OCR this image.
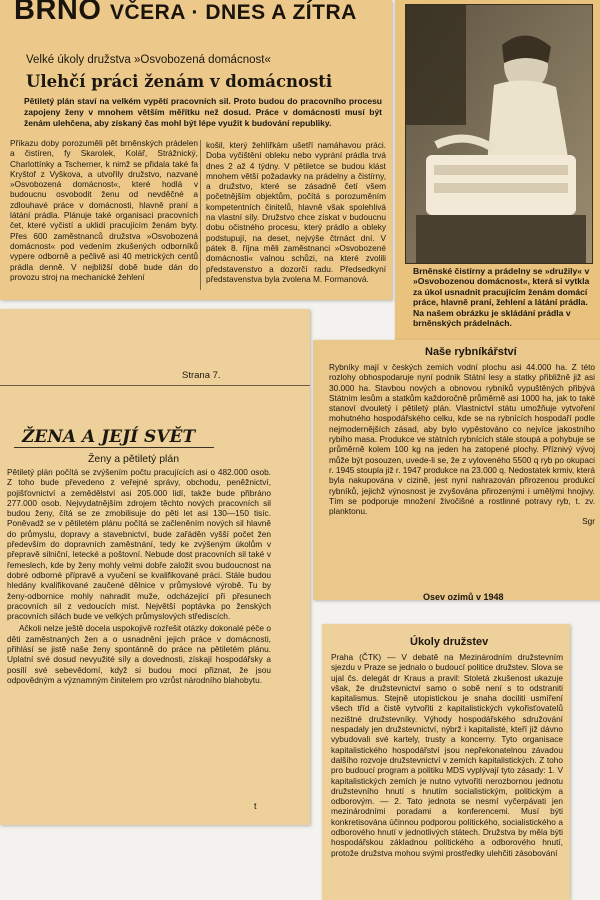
BRNO VČERA · DNES A ZÍTRA
Velké úkoly družstva »Osvobozená domácnost«
Ulehčí práci ženám v domácnosti

Pětiletý plán staví na velkém vypětí pracovních sil. Proto budou do pracovního procesu zapojeny ženy v mnohem větším měřítku než dosud. Práce v domácnosti musí být ženám ulehčena, aby získaný čas mohl být lépe využit k budování republiky.

Příkazu doby porozuměli pět brněnských prádelen a čistíren, fy Skarolek, Kolář, Strážnický, Charlottínky a Tscherner, k nimž se přidala také fa Kryštof z Vyškova, a utvořily družstvo, nazvané »Osvobozená domácnost«, které hodlá v budoucnu osvobodit ženu od nevděčné a zdlouhavé práce v domácnosti, hlavně praní a látání prádla. Plánuje také organisaci pracovních čet, které vyčistí a uklidí pracujícím ženám byty. Přes 600 zaměstnanců družstva »Osvobozená domácnost« pod vedením zkušených odborníků vypere odborně a pečlivě asi 40 metrických centů prádla denně. V nejbližší době bude dán do provozu stroj na mechanické žehlení

košil, který žehlířkám ušetří namáhavou práci. Doba vyčištění obleku nebo vyprání prádla trvá dnes 2 až 4 týdny. V pětiletce se budou klást mnohem větší požadavky na prádelny a čistírny, a družstvo, které se zásadně četí všem početnějším objektům, počítá s porozuměním kompetentních činitelů, hlavně však spolehlivá na vlastní síly. Družstvo chce získat v budoucnu dobu očistného procesu, který prádlo a obleky podstupují, na deset, nejvýše čtrnáct dní. V pátek 8. října měli zaměstnanci »Osvobozené domácnosti« valnou schůzi, na které zvolili představenstvo a dozorčí radu. Předsedkyní představenstva byla zvolena M. Formanová.

Brněnské čistírny a prádelny se »družily« v »Osvobozenou domácnost«, která si vytkla za úkol usnadnit pracujícím ženám domácí práce, hlavně praní, žehlení a látání prádla. Na našem obrázku je skládání prádla v brněnských prádelnách.

Strana 7.
ŽENA A JEJÍ SVĚT
Ženy a pětiletý plán

Pětiletý plán počítá se zvýšením počtu pracujících asi o 482.000 osob. Z toho bude převedeno z veřejné správy, obchodu, peněžnictví, pojišťovnictví a zemědělství asi 205.000 lidí, takže bude přibráno 277.000 osob. Nejvydatnějším zdrojem těchto nových pracovních sil budou ženy, čítá se ze zmobilisuje do pěti let asi 130—150 tisíc. Poněvadž se v pětiletém plánu počítá se začleněním nových sil hlavně do průmyslu, dopravy a stavebnictví, bude zařáděn vyšší počet žen především do dopravních zaměstnání, tedy ke zvýšeným úkolům v přepravě silniční, letecké a poštovní. Nebude dost pracovních sil také v řemeslech, kde by ženy mohly velmi dobře založit svou budoucnost na dobré odborné přípravě a vyučení se kvalifikované práci. Stále budou hledány kvalifikované zaučené dělnice v průmyslové výrobě. Tu by ženy-odbornice mohly nahradit muže, odcházející při přesunech pracovních sil z vedoucích míst. Největší poptávka po ženských pracovních silách bude ve velkých průmyslových střediscích.

Ačkoli nelze ještě docela uspokojivě rozřešit otázky dokonalé péče o děti zaměstnaných žen a o usnadnění jejich práce v domácnosti, přihlásí se jistě naše ženy spontánně do práce na pětiletém plánu. Uplatní své dosud nevyužité síly a dovednosti, získají hospodářsky a posílí své sebevědomí, když si budou moci přiznat, že jsou odpovědným a významným činitelem pro vzrůst národního blahobytu.

t
Naše rybníkářství

Rybníky mají v českých zemích vodní plochu asi 44.000 ha. Z této rozlohy obhospodaruje nyní podnik Státní lesy a statky přibližně již asi 30.000 ha. Stavbou nových a obnovou rybníků vypuštěných přibývá Státním lesům a statkům každoročně průměrně asi 1000 ha, jak to také stanoví dvouletý i pětiletý plán. Vlastnictví státu umožňuje vytvoření mohutného hospodářského celku, kde se na rybnících hospodaří podle nejmodernějších zásad, aby bylo vypěstováno co nejvíce jakostního rybího masa. Produkce ve státních rybnících stále stoupá a pohybuje se průměrně kolem 100 kg na jeden ha zatopené plochy. Příznivý vývoj může být posouzen, uvede-li se, že z vyloveného 5500 q ryb po okupaci r. 1945 stoupla již r. 1947 produkce na 23.000 q. Nedostatek krmiv, která byla nakupována v cizině, jest nyní nahrazován přirozenou produkcí rybníků, jejichž výnosnost je zvyšována přirozenými i umělými hnojivy. Tím se podporuje množení živočišné a rostlinné potravy ryb, t. zv. planktonu.

Sgr

Osev ozimů v 1948
Úkoly družstev

Praha (ČTK) — V debatě na Mezinárodním družstevním sjezdu v Praze se jednalo o budoucí politice družstev. Slova se ujal čs. delegát dr Kraus a pravil: Stoletá zkušenost ukazuje však, že družstevnictví samo o sobě není s to odstraniti kapitalismus. Stejně utopistickou je snaha dociliti usmíření všech tříd a čistě vytvořiti z kapitalistických vykořisťovatelů nezištné družstevníky. Výhody hospodářského sdružování nespadaly jen družstevnictví, nýbrž i kapitalisté, kteří již dávno vybudovali své kartely, trusty a koncerny. Tyto organisace kapitalistického hospodářství jsou nepřekonatelnou závadou dalšího rozvoje družstevnictví v zemích kapitalistických. Z toho pro budoucí program a politiku MDS vyplývají tyto zásady: 1. V kapitalistických zemích je nutno vytvořiti nerozbornou jednotu družstevního hnutí s hnutím socialistickým, politickým a odborovým. — 2. Tato jednota se nesmí vyčerpávati jen mezinárodními poradami a konferencemi. Musí býti konkretisována účinnou podporou politického, socialistického a odborového hnutí v jednotlivých státech. Družstva by měla býti hospodářskou základnou politického a odborového hnutí, protože družstva mohou svými prostředky ulehčiti zásobování
